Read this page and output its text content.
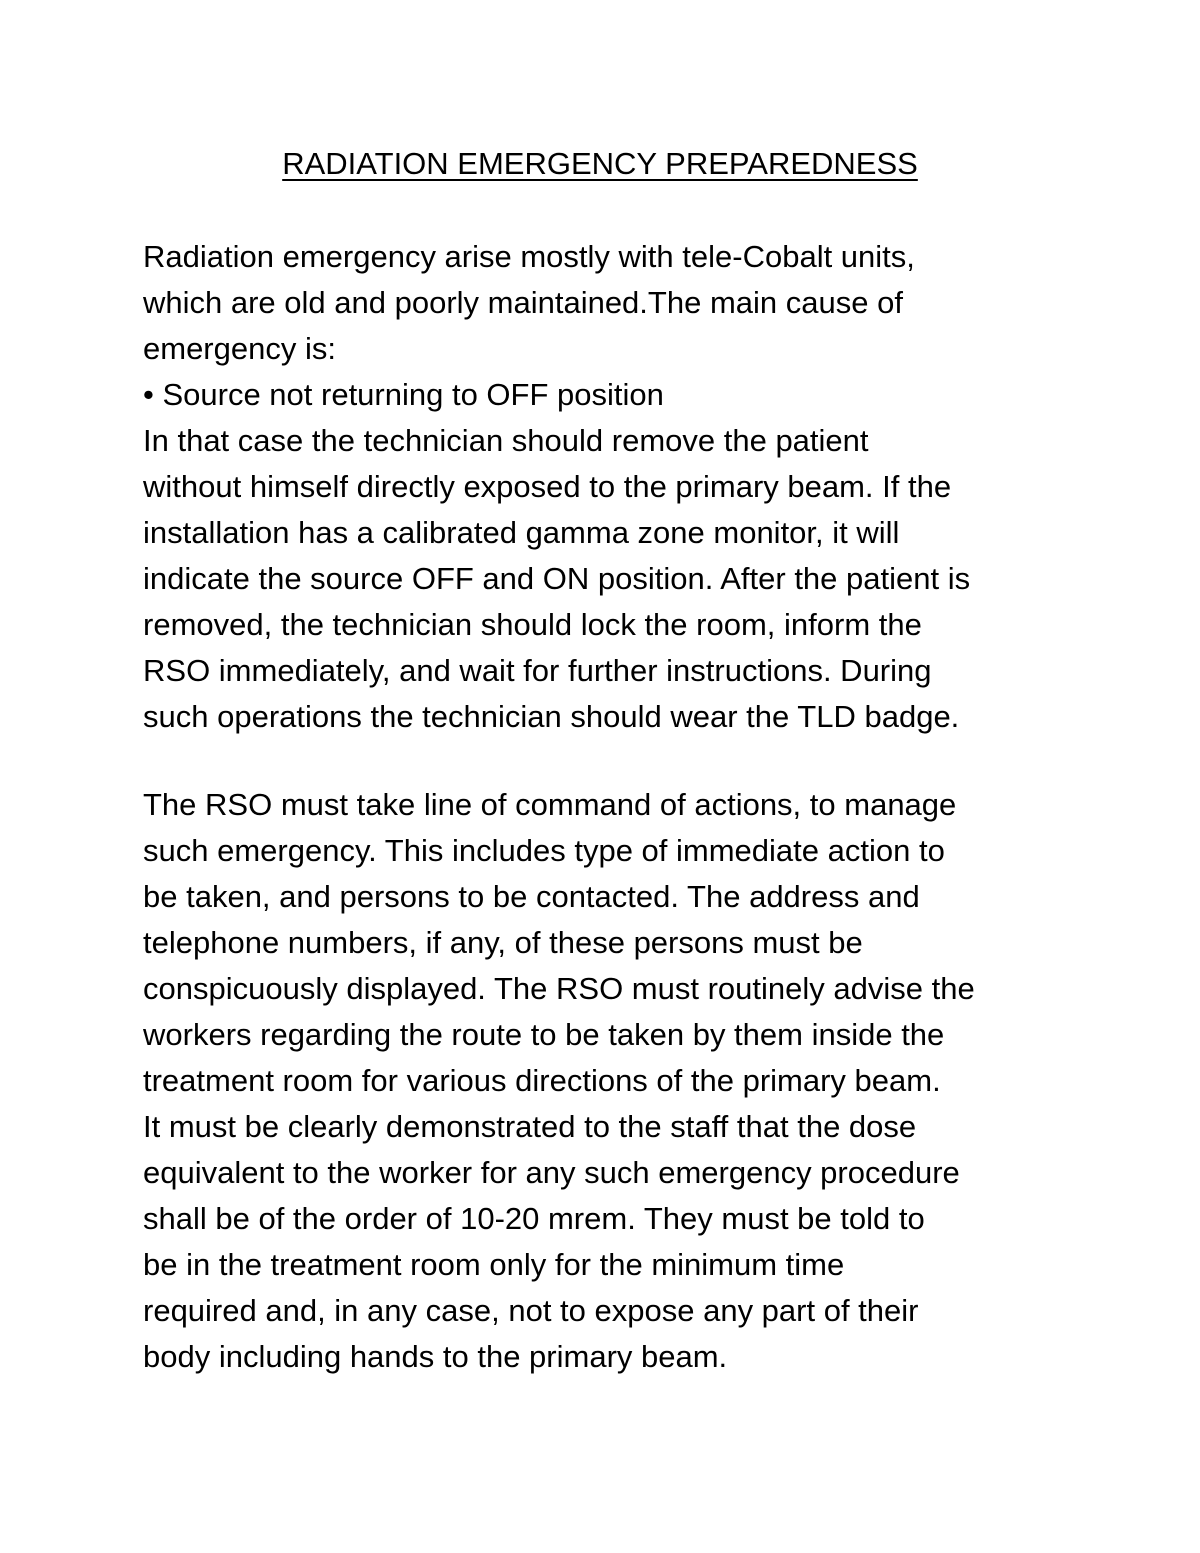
RADIATION EMERGENCY PREPAREDNESS
Radiation emergency arise mostly with tele-Cobalt units,
which are old and poorly maintained.The main cause of
emergency is:
• Source not returning to OFF position
In that case the technician should remove the patient
without himself directly exposed to the primary beam. If the
installation has a calibrated gamma zone monitor, it will
indicate the source OFF and ON position. After the patient is
removed, the technician should lock the room, inform the
RSO immediately, and wait for further instructions. During
such operations the technician should wear the TLD badge.
The RSO must take line of command of actions, to manage
such emergency. This includes type of immediate action to
be taken, and persons to be contacted. The address and
telephone numbers, if any, of these persons must be
conspicuously displayed. The RSO must routinely advise the
workers regarding the route to be taken by them inside the
treatment room for various directions of the primary beam.
It must be clearly demonstrated to the staff that the dose
equivalent to the worker for any such emergency procedure
shall be of the order of 10-20 mrem. They must be told to
be in the treatment room only for the minimum time
required and, in any case, not to expose any part of their
body including hands to the primary beam.
